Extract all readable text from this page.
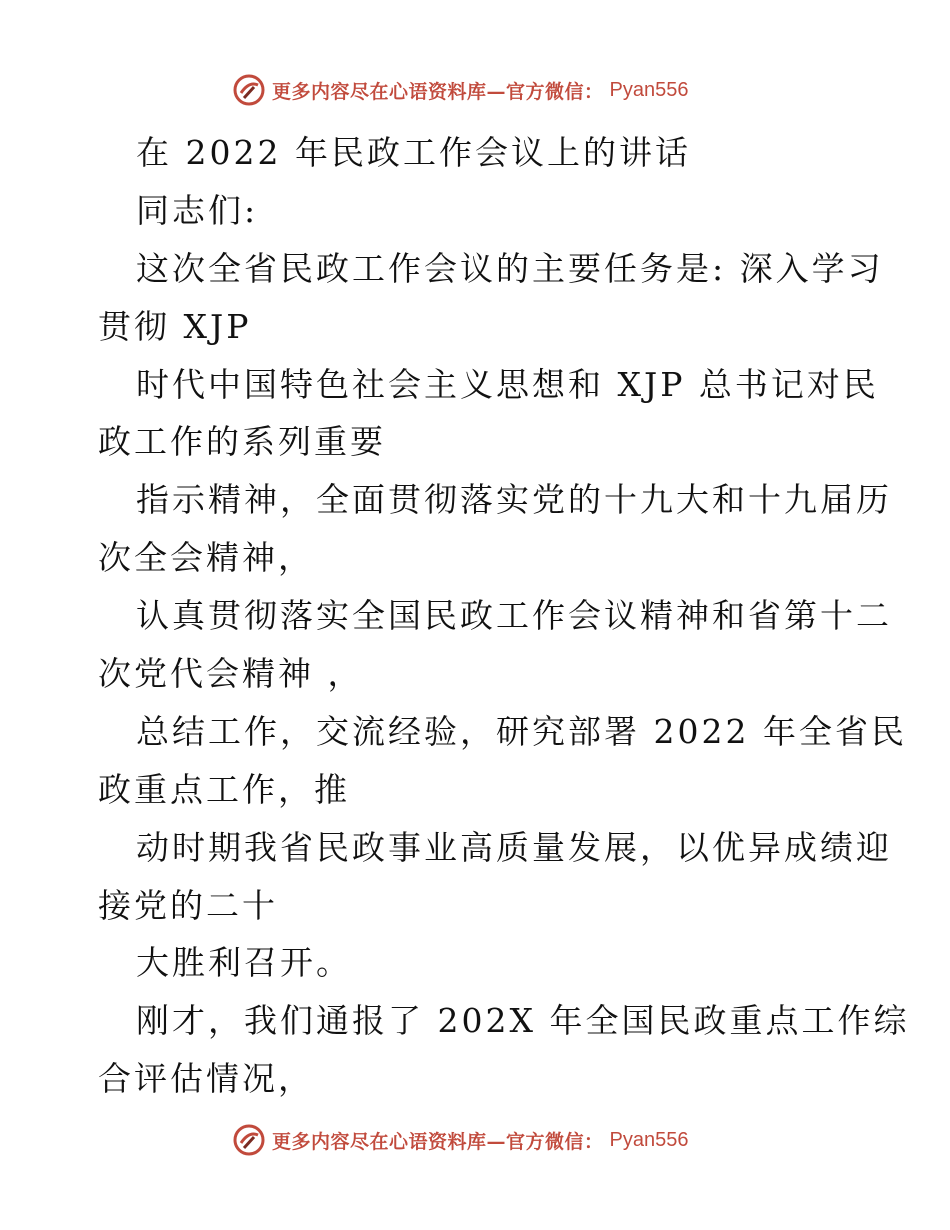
更多内容尽在心语资料库—官方微信： Pyan556
在 2022 年民政工作会议上的讲话
同志们:
这次全省民政工作会议的主要任务是: 深入学习
贯彻 XJP
时代中国特色社会主义思想和 XJP 总书记对民
政工作的系列重要
指示精神，全面贯彻落实党的十九大和十九届历
次全会精神，
认真贯彻落实全国民政工作会议精神和省第十二
次党代会精神 ，
总结工作，交流经验，研究部署 2022 年全省民
政重点工作，推
动时期我省民政事业高质量发展，以优异成绩迎
接党的二十
大胜利召开。
刚才，我们通报了 202X 年全国民政重点工作综
合评估情况，
更多内容尽在心语资料库—官方微信： Pyan556
